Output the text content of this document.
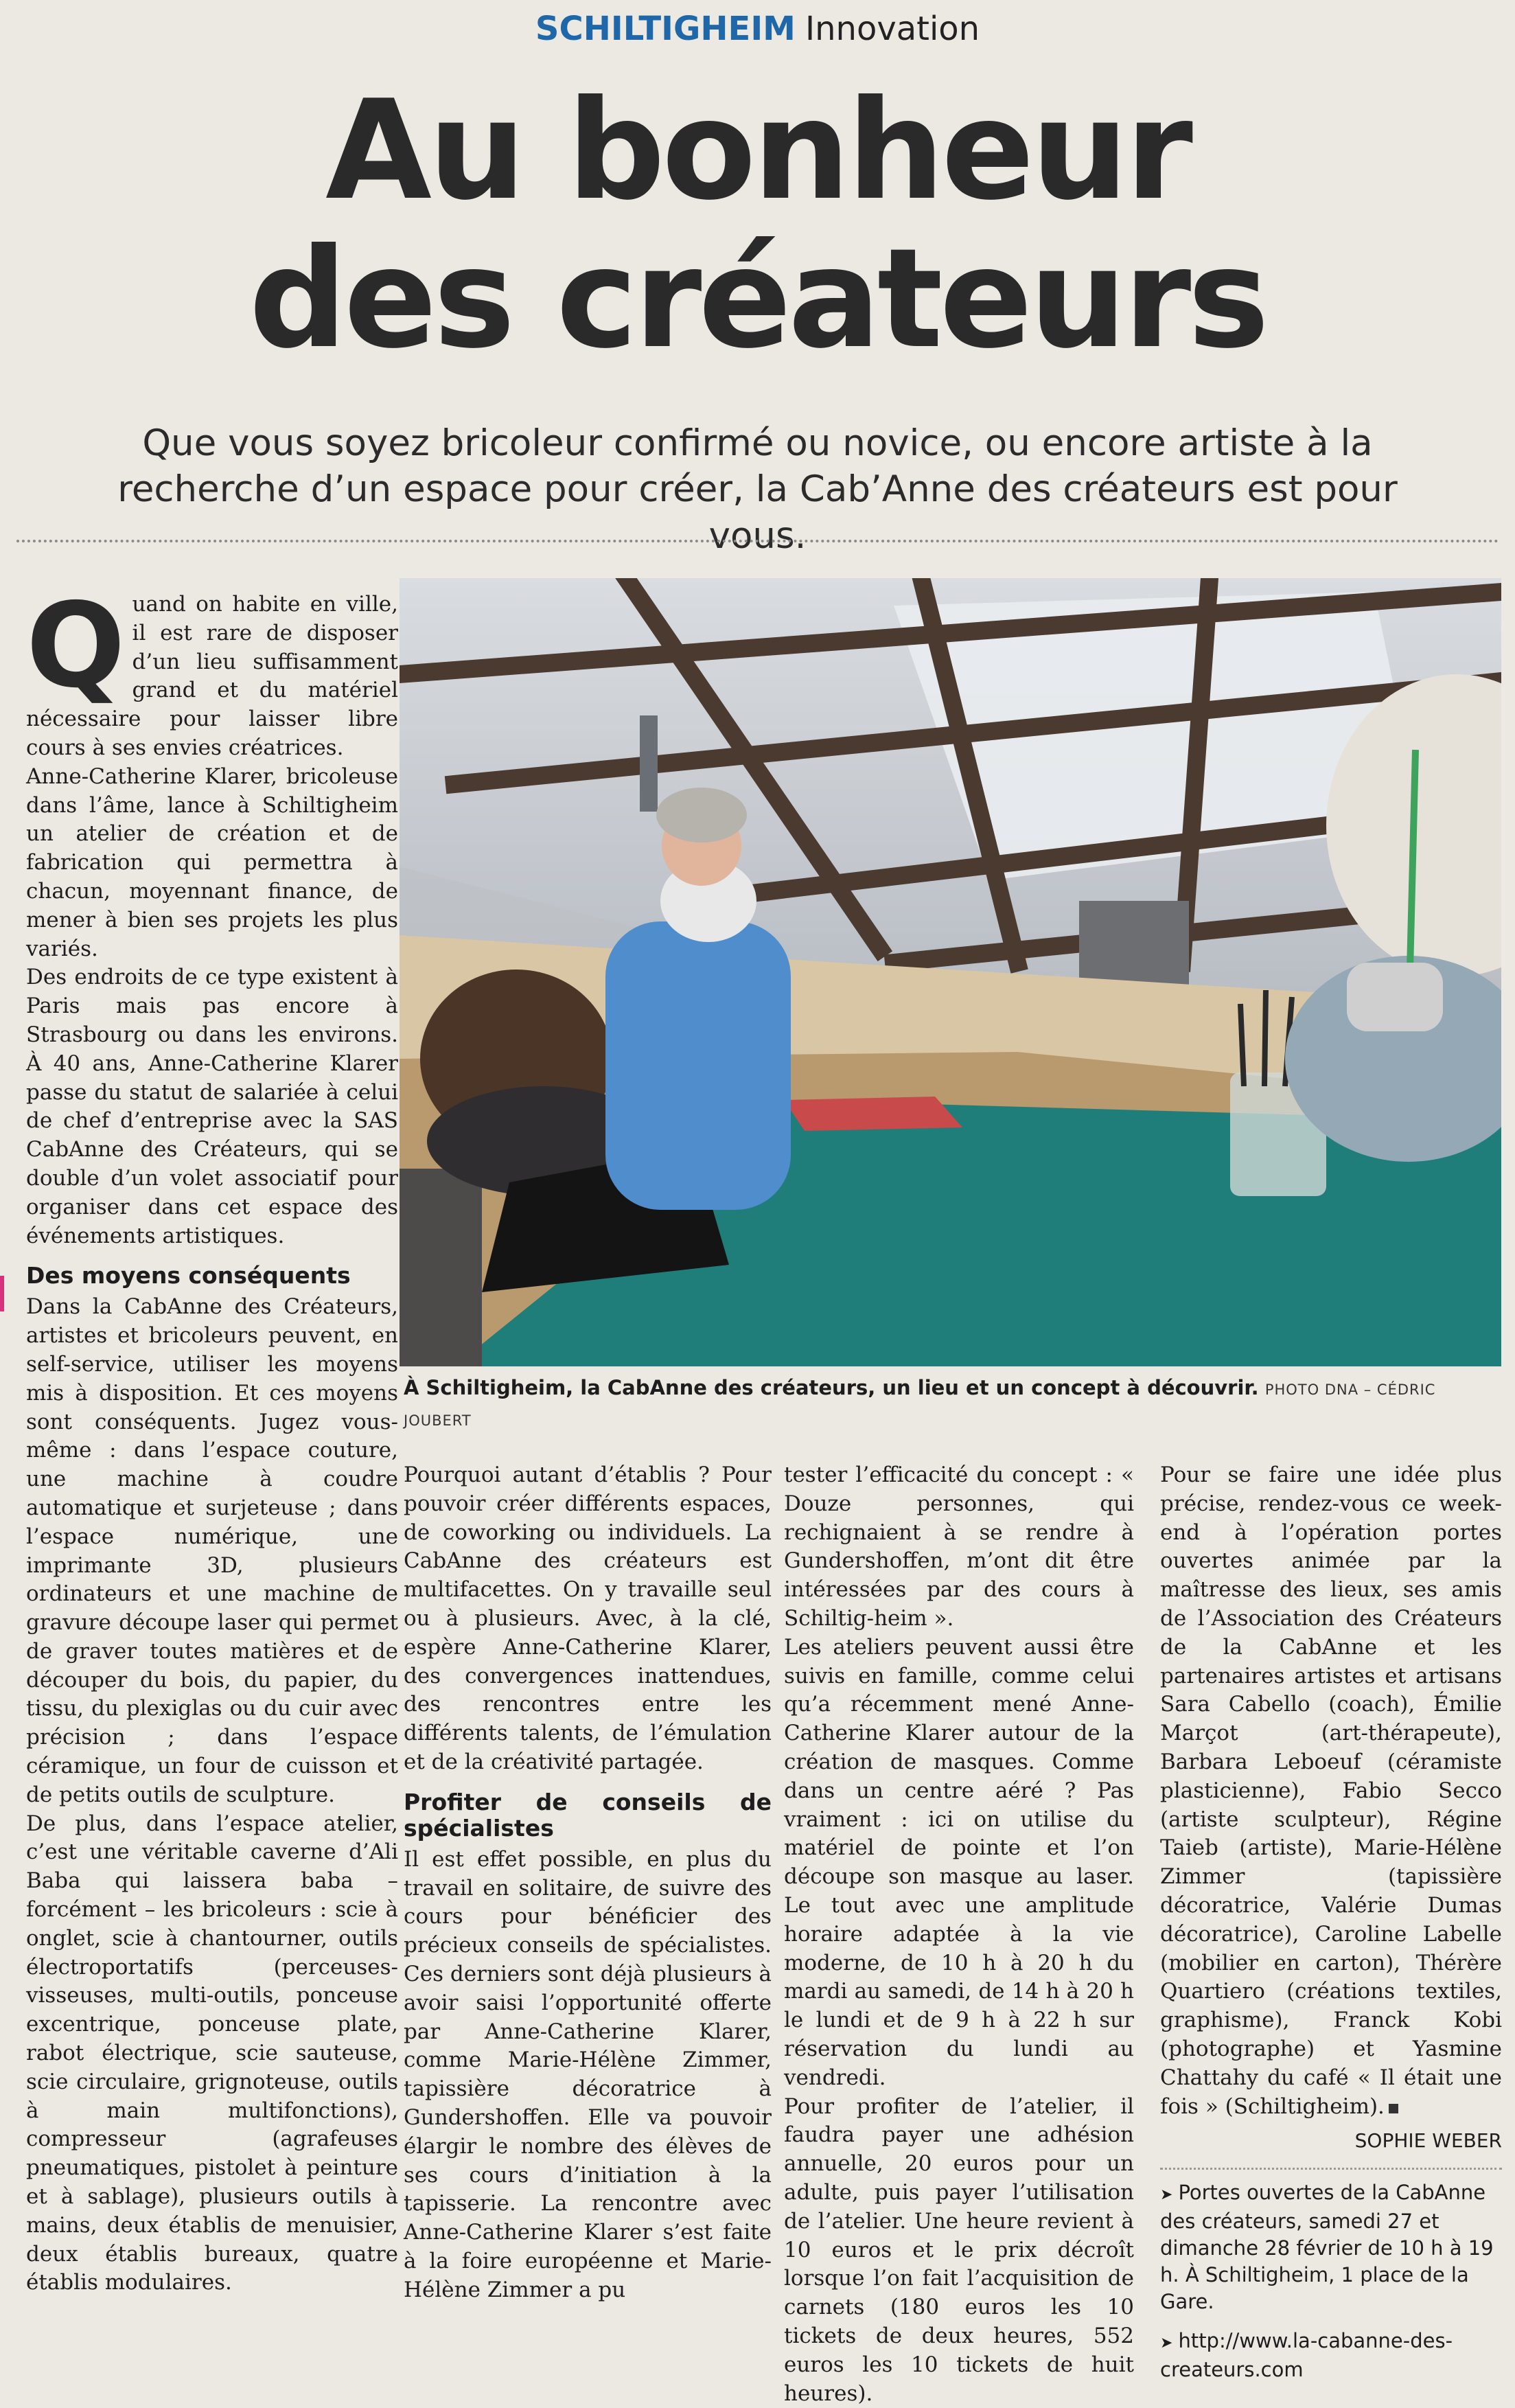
SCHILTIGHEIM Innovation
Au bonheur
des créateurs
Que vous soyez bricoleur confirmé ou novice, ou encore artiste à la recherche d’un espace pour créer, la Cab’Anne des créateurs est pour vous.

Quand on habite en ville, il est rare de disposer d’un lieu suffisamment grand et du matériel nécessaire pour laisser libre cours à ses envies créatrices.

Anne-Catherine Klarer, bricoleuse dans l’âme, lance à Schiltigheim un atelier de création et de fabrication qui permettra à chacun, moyennant finance, de mener à bien ses projets les plus variés.

Des endroits de ce type existent à Paris mais pas encore à Strasbourg ou dans les environs. À 40 ans, Anne-Catherine Klarer passe du statut de salariée à celui de chef d’entreprise avec la SAS CabAnne des Créateurs, qui se double d’un volet associatif pour organiser dans cet espace des événements artistiques.

Des moyens conséquents

Dans la CabAnne des Créateurs, artistes et bricoleurs peuvent, en self-service, utiliser les moyens mis à disposition. Et ces moyens sont conséquents. Jugez vous-même : dans l’espace couture, une machine à coudre automatique et surjeteuse ; dans l’espace numérique, une imprimante 3D, plusieurs ordinateurs et une machine de gravure découpe laser qui permet de graver toutes matières et de découper du bois, du papier, du tissu, du plexiglas ou du cuir avec précision ; dans l’espace céramique, un four de cuisson et de petits outils de sculpture.

De plus, dans l’espace atelier, c’est une véritable caverne d’Ali Baba qui laissera baba – forcément – les bricoleurs : scie à onglet, scie à chantourner, outils électroportatifs (perceuses-visseuses, multi-outils, ponceuse excentrique, ponceuse plate, rabot électrique, scie sauteuse, scie circulaire, grignoteuse, outils à main multifonctions), compresseur (agrafeuses pneumatiques, pistolet à peinture et à sablage), plusieurs outils à mains, deux établis de menuisier, deux établis bureaux, quatre établis modulaires.

À Schiltigheim, la CabAnne des créateurs, un lieu et un concept à découvrir. PHOTO DNA – CÉDRIC JOUBERT

Pourquoi autant d’établis ? Pour pouvoir créer différents espaces, de coworking ou individuels. La CabAnne des créateurs est multifacettes. On y travaille seul ou à plusieurs. Avec, à la clé, espère Anne-Catherine Klarer, des convergences inattendues, des rencontres entre les différents talents, de l’émulation et de la créativité partagée.

Profiter de conseils de spécialistes

Il est effet possible, en plus du travail en solitaire, de suivre des cours pour bénéficier des précieux conseils de spécialistes. Ces derniers sont déjà plusieurs à avoir saisi l’opportunité offerte par Anne-Catherine Klarer, comme Marie-Hélène Zimmer, tapissière décoratrice à Gundershoffen. Elle va pouvoir élargir le nombre des élèves de ses cours d’initiation à la tapisserie. La rencontre avec Anne-Catherine Klarer s’est faite à la foire européenne et Marie-Hélène Zimmer a pu

tester l’efficacité du concept : « Douze personnes, qui rechignaient à se rendre à Gundershoffen, m’ont dit être intéressées par des cours à Schiltig-heim ».

Les ateliers peuvent aussi être suivis en famille, comme celui qu’a récemment mené Anne-Catherine Klarer autour de la création de masques. Comme dans un centre aéré ? Pas vraiment : ici on utilise du matériel de pointe et l’on découpe son masque au laser. Le tout avec une amplitude horaire adaptée à la vie moderne, de 10 h à 20 h du mardi au samedi, de 14 h à 20 h le lundi et de 9 h à 22 h sur réservation du lundi au vendredi.

Pour profiter de l’atelier, il faudra payer une adhésion annuelle, 20 euros pour un adulte, puis payer l’utilisation de l’atelier. Une heure revient à 10 euros et le prix décroît lorsque l’on fait l’acquisition de carnets (180 euros les 10 tickets de deux heures, 552 euros les 10 tickets de huit heures).

Pour se faire une idée plus précise, rendez-vous ce week-end à l’opération portes ouvertes animée par la maîtresse des lieux, ses amis de l’Association des Créateurs de la CabAnne et les partenaires artistes et artisans Sara Cabello (coach), Émilie Marçot (art-thérapeute), Barbara Leboeuf (céramiste plasticienne), Fabio Secco (artiste sculpteur), Régine Taieb (artiste), Marie-Hélène Zimmer (tapissière décoratrice, Valérie Dumas décoratrice), Caroline Labelle (mobilier en carton), Thérère Quartiero (créations textiles, graphisme), Franck Kobi (photographe) et Yasmine Chattahy du café « Il était une fois » (Schiltigheim).

SOPHIE WEBER

➤ Portes ouvertes de la CabAnne des créateurs, samedi 27 et dimanche 28 février de 10 h à 19 h. À Schiltigheim, 1 place de la Gare.

➤ http://www.la-cabanne-des-createurs.com
